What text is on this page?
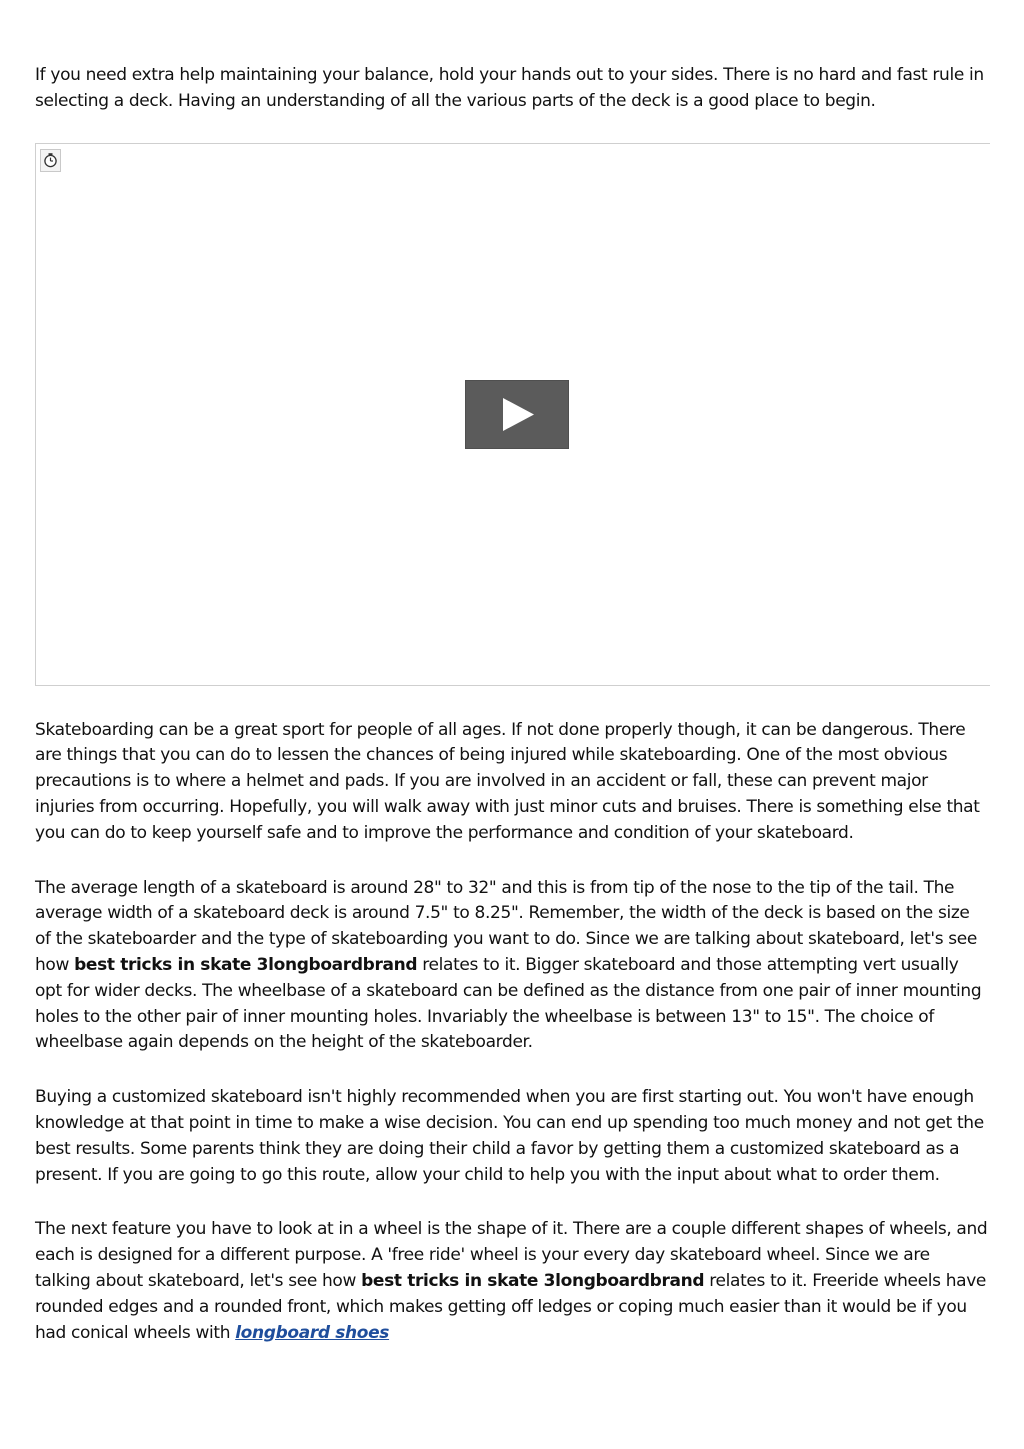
If you need extra help maintaining your balance, hold your hands out to your sides. There is no hard and fast rule in selecting a deck. Having an understanding of all the various parts of the deck is a good place to begin.

Skateboarding can be a great sport for people of all ages. If not done properly though, it can be dangerous. There are things that you can do to lessen the chances of being injured while skateboarding. One of the most obvious precautions is to where a helmet and pads. If you are involved in an accident or fall, these can prevent major injuries from occurring. Hopefully, you will walk away with just minor cuts and bruises. There is something else that you can do to keep yourself safe and to improve the performance and condition of your skateboard.

The average length of a skateboard is around 28" to 32" and this is from tip of the nose to the tip of the tail. The average width of a skateboard deck is around 7.5" to 8.25". Remember, the width of the deck is based on the size of the skateboarder and the type of skateboarding you want to do. Since we are talking about skateboard, let's see how best tricks in skate 3longboardbrand relates to it. Bigger skateboard and those attempting vert usually opt for wider decks. The wheelbase of a skateboard can be defined as the distance from one pair of inner mounting holes to the other pair of inner mounting holes. Invariably the wheelbase is between 13" to 15". The choice of wheelbase again depends on the height of the skateboarder.

Buying a customized skateboard isn't highly recommended when you are first starting out. You won't have enough knowledge at that point in time to make a wise decision. You can end up spending too much money and not get the best results. Some parents think they are doing their child a favor by getting them a customized skateboard as a present. If you are going to go this route, allow your child to help you with the input about what to order them.

The next feature you have to look at in a wheel is the shape of it. There are a couple different shapes of wheels, and each is designed for a different purpose. A 'free ride' wheel is your every day skateboard wheel. Since we are talking about skateboard, let's see how best tricks in skate 3longboardbrand relates to it. Freeride wheels have rounded edges and a rounded front, which makes getting off ledges or coping much easier than it would be if you had conical wheels with longboard shoes
